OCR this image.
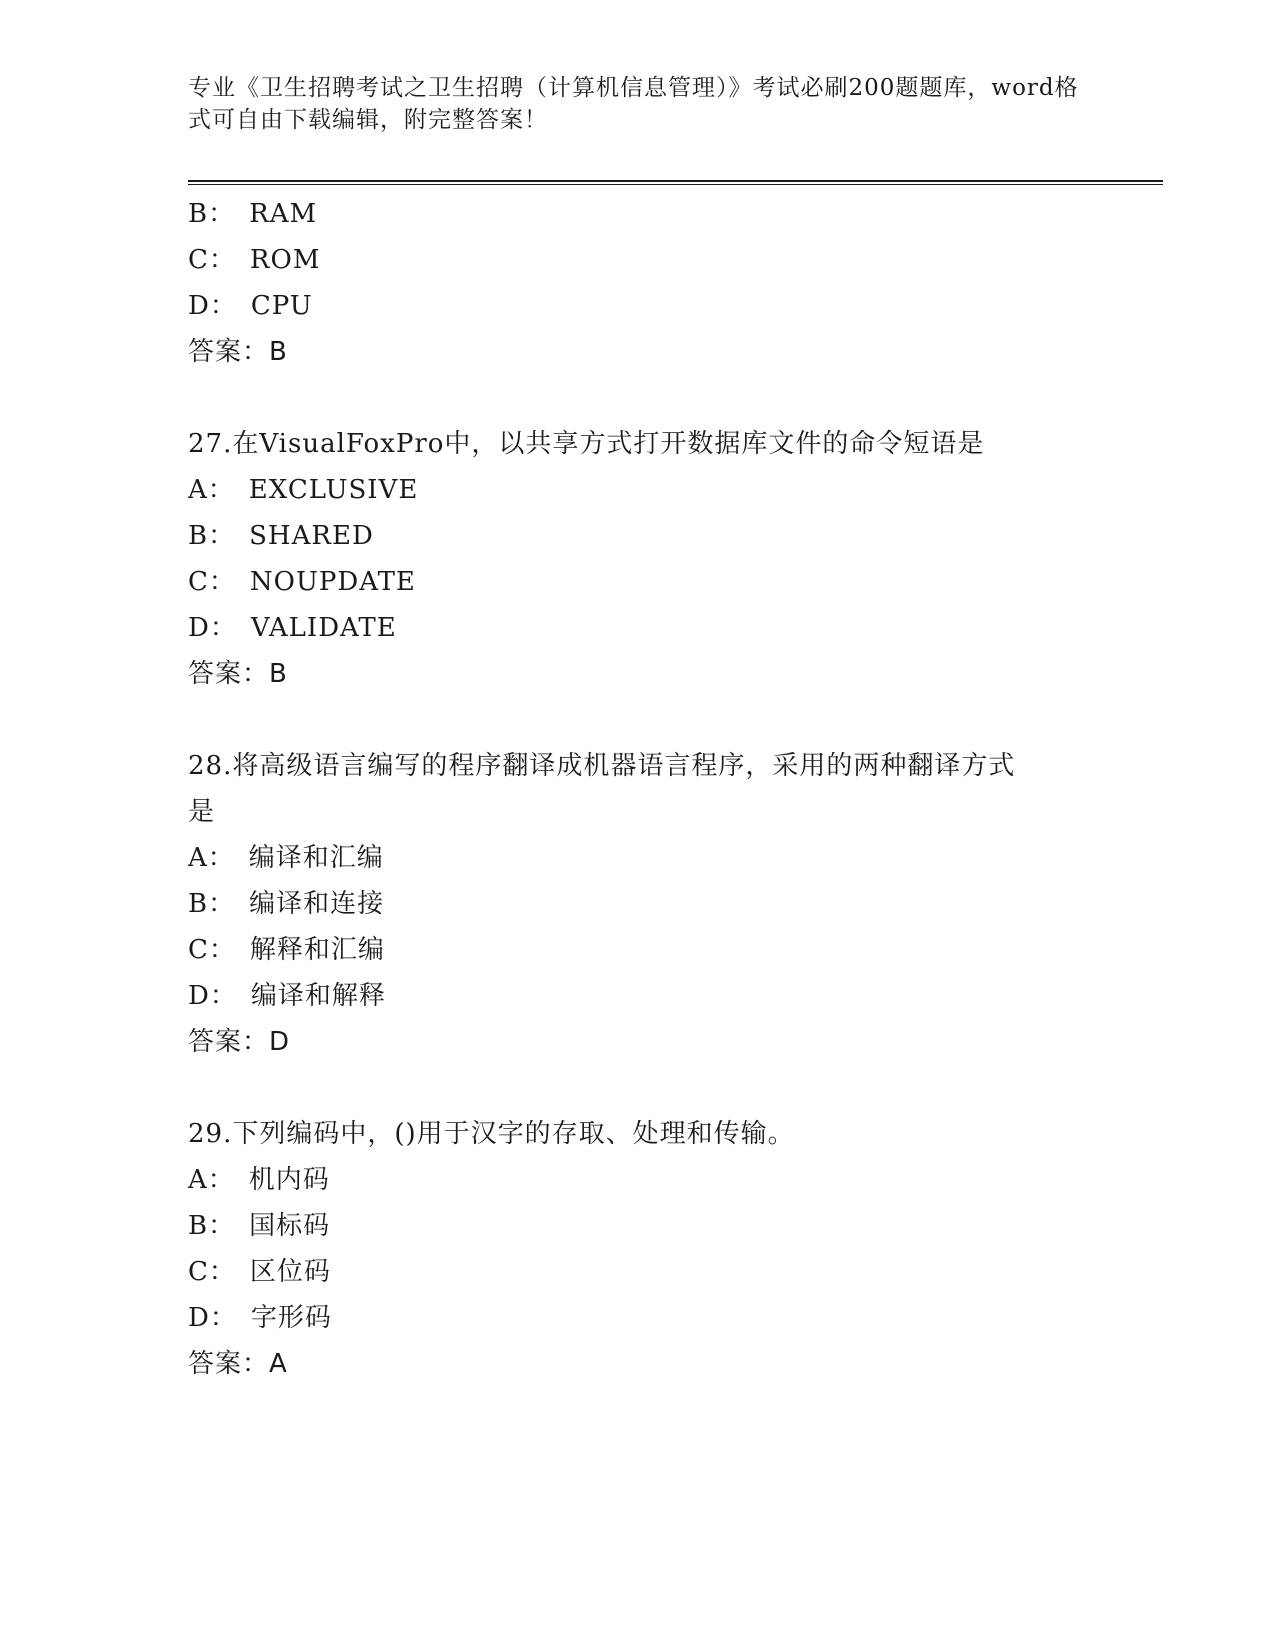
专业《卫生招聘考试之卫生招聘（计算机信息管理）》考试必刷200题题库，word格式可自由下载编辑，附完整答案！
B： RAM
C： ROM
D： CPU
答案：B
27.在VisualFoxPro中，以共享方式打开数据库文件的命令短语是
A： EXCLUSIVE
B： SHARED
C： NOUPDATE
D： VALIDATE
答案：B
28.将高级语言编写的程序翻译成机器语言程序，采用的两种翻译方式是
A： 编译和汇编
B： 编译和连接
C： 解释和汇编
D： 编译和解释
答案：D
29.下列编码中，()用于汉字的存取、处理和传输。
A： 机内码
B： 国标码
C： 区位码
D： 字形码
答案：A
